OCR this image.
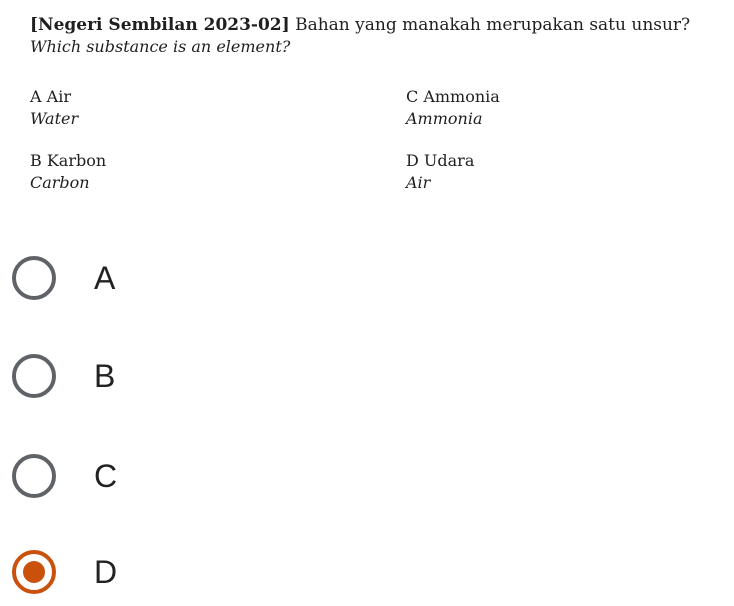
[Negeri Sembilan 2023-02] Bahan yang manakah merupakan satu unsur?
Which substance is an element?
A Air
Water
C Ammonia
Ammonia
B Karbon
Carbon
D Udara
Air
A
B
C
D
